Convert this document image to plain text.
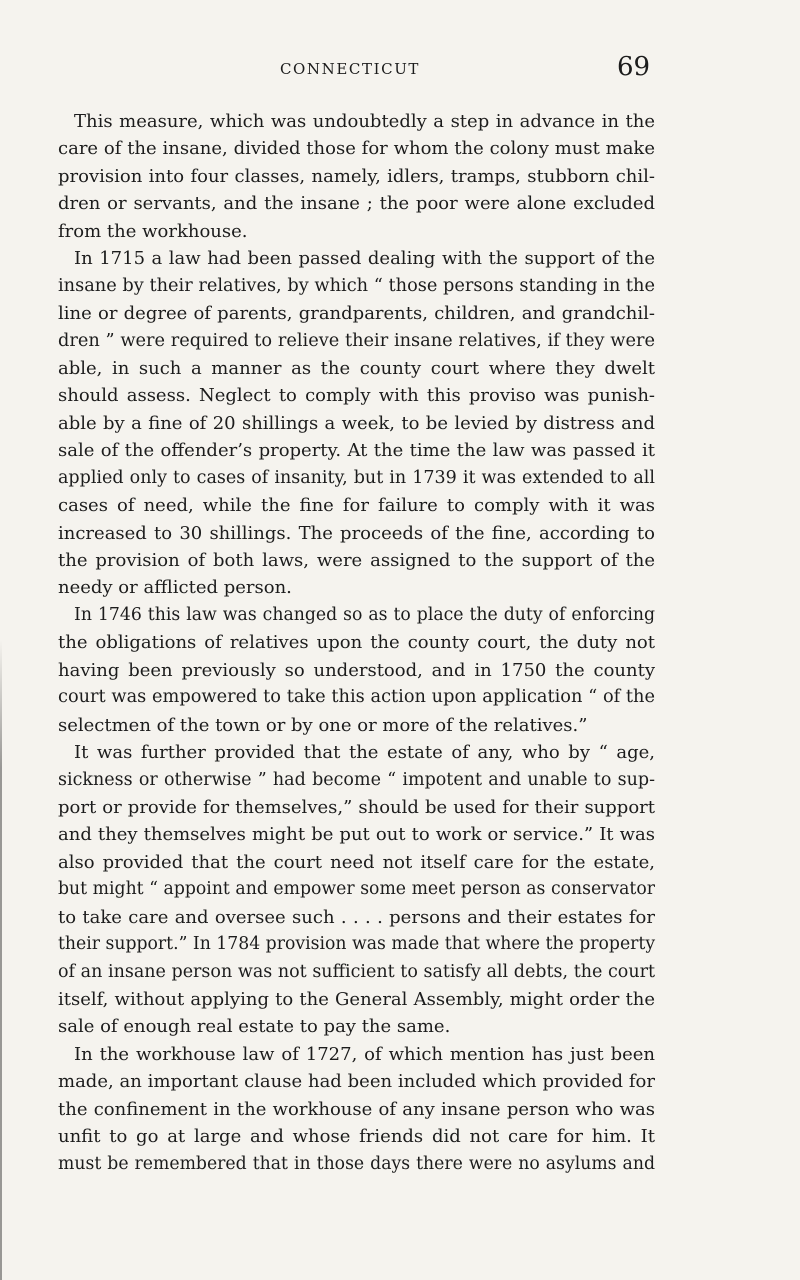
CONNECTICUT	69
This measure, which was undoubtedly a step in advance in the
care of the insane, divided those for whom the colony must make
provision into four classes, namely, idlers, tramps, stubborn chil-
dren or servants, and the insane ; the poor were alone excluded
from the workhouse.
In 1715 a law had been passed dealing with the support of the
insane by their relatives, by which “ those persons standing in the
line or degree of parents, grandparents, children, and grandchil-
dren ” were required to relieve their insane relatives, if they were
able, in such a manner as the county court where they dwelt
should assess. Neglect to comply with this proviso was punish-
able by a fine of 20 shillings a week, to be levied by distress and
sale of the offender’s property. At the time the law was passed it
applied only to cases of insanity, but in 1739 it was extended to all
cases of need, while the fine for failure to comply with it was
increased to 30 shillings. The proceeds of the fine, according to
the provision of both laws, were assigned to the support of the
needy or afflicted person.
In 1746 this law was changed so as to place the duty of enforcing
the obligations of relatives upon the county court, the duty not
having been previously so understood, and in 1750 the county
court was empowered to take this action upon application “ of the
selectmen of the town or by one or more of the relatives.”
It was further provided that the estate of any, who by “ age,
sickness or otherwise ” had become “ impotent and unable to sup-
port or provide for themselves,” should be used for their support
and they themselves might be put out to work or service.” It was
also provided that the court need not itself care for the estate,
but might “ appoint and empower some meet person as conservator
to take care and oversee such . . . . persons and their estates for
their support.” In 1784 provision was made that where the property
of an insane person was not sufficient to satisfy all debts, the court
itself, without applying to the General Assembly, might order the
sale of enough real estate to pay the same.
In the workhouse law of 1727, of which mention has just been
made, an important clause had been included which provided for
the confinement in the workhouse of any insane person who was
unfit to go at large and whose friends did not care for him. It
must be remembered that in those days there were no asylums and
